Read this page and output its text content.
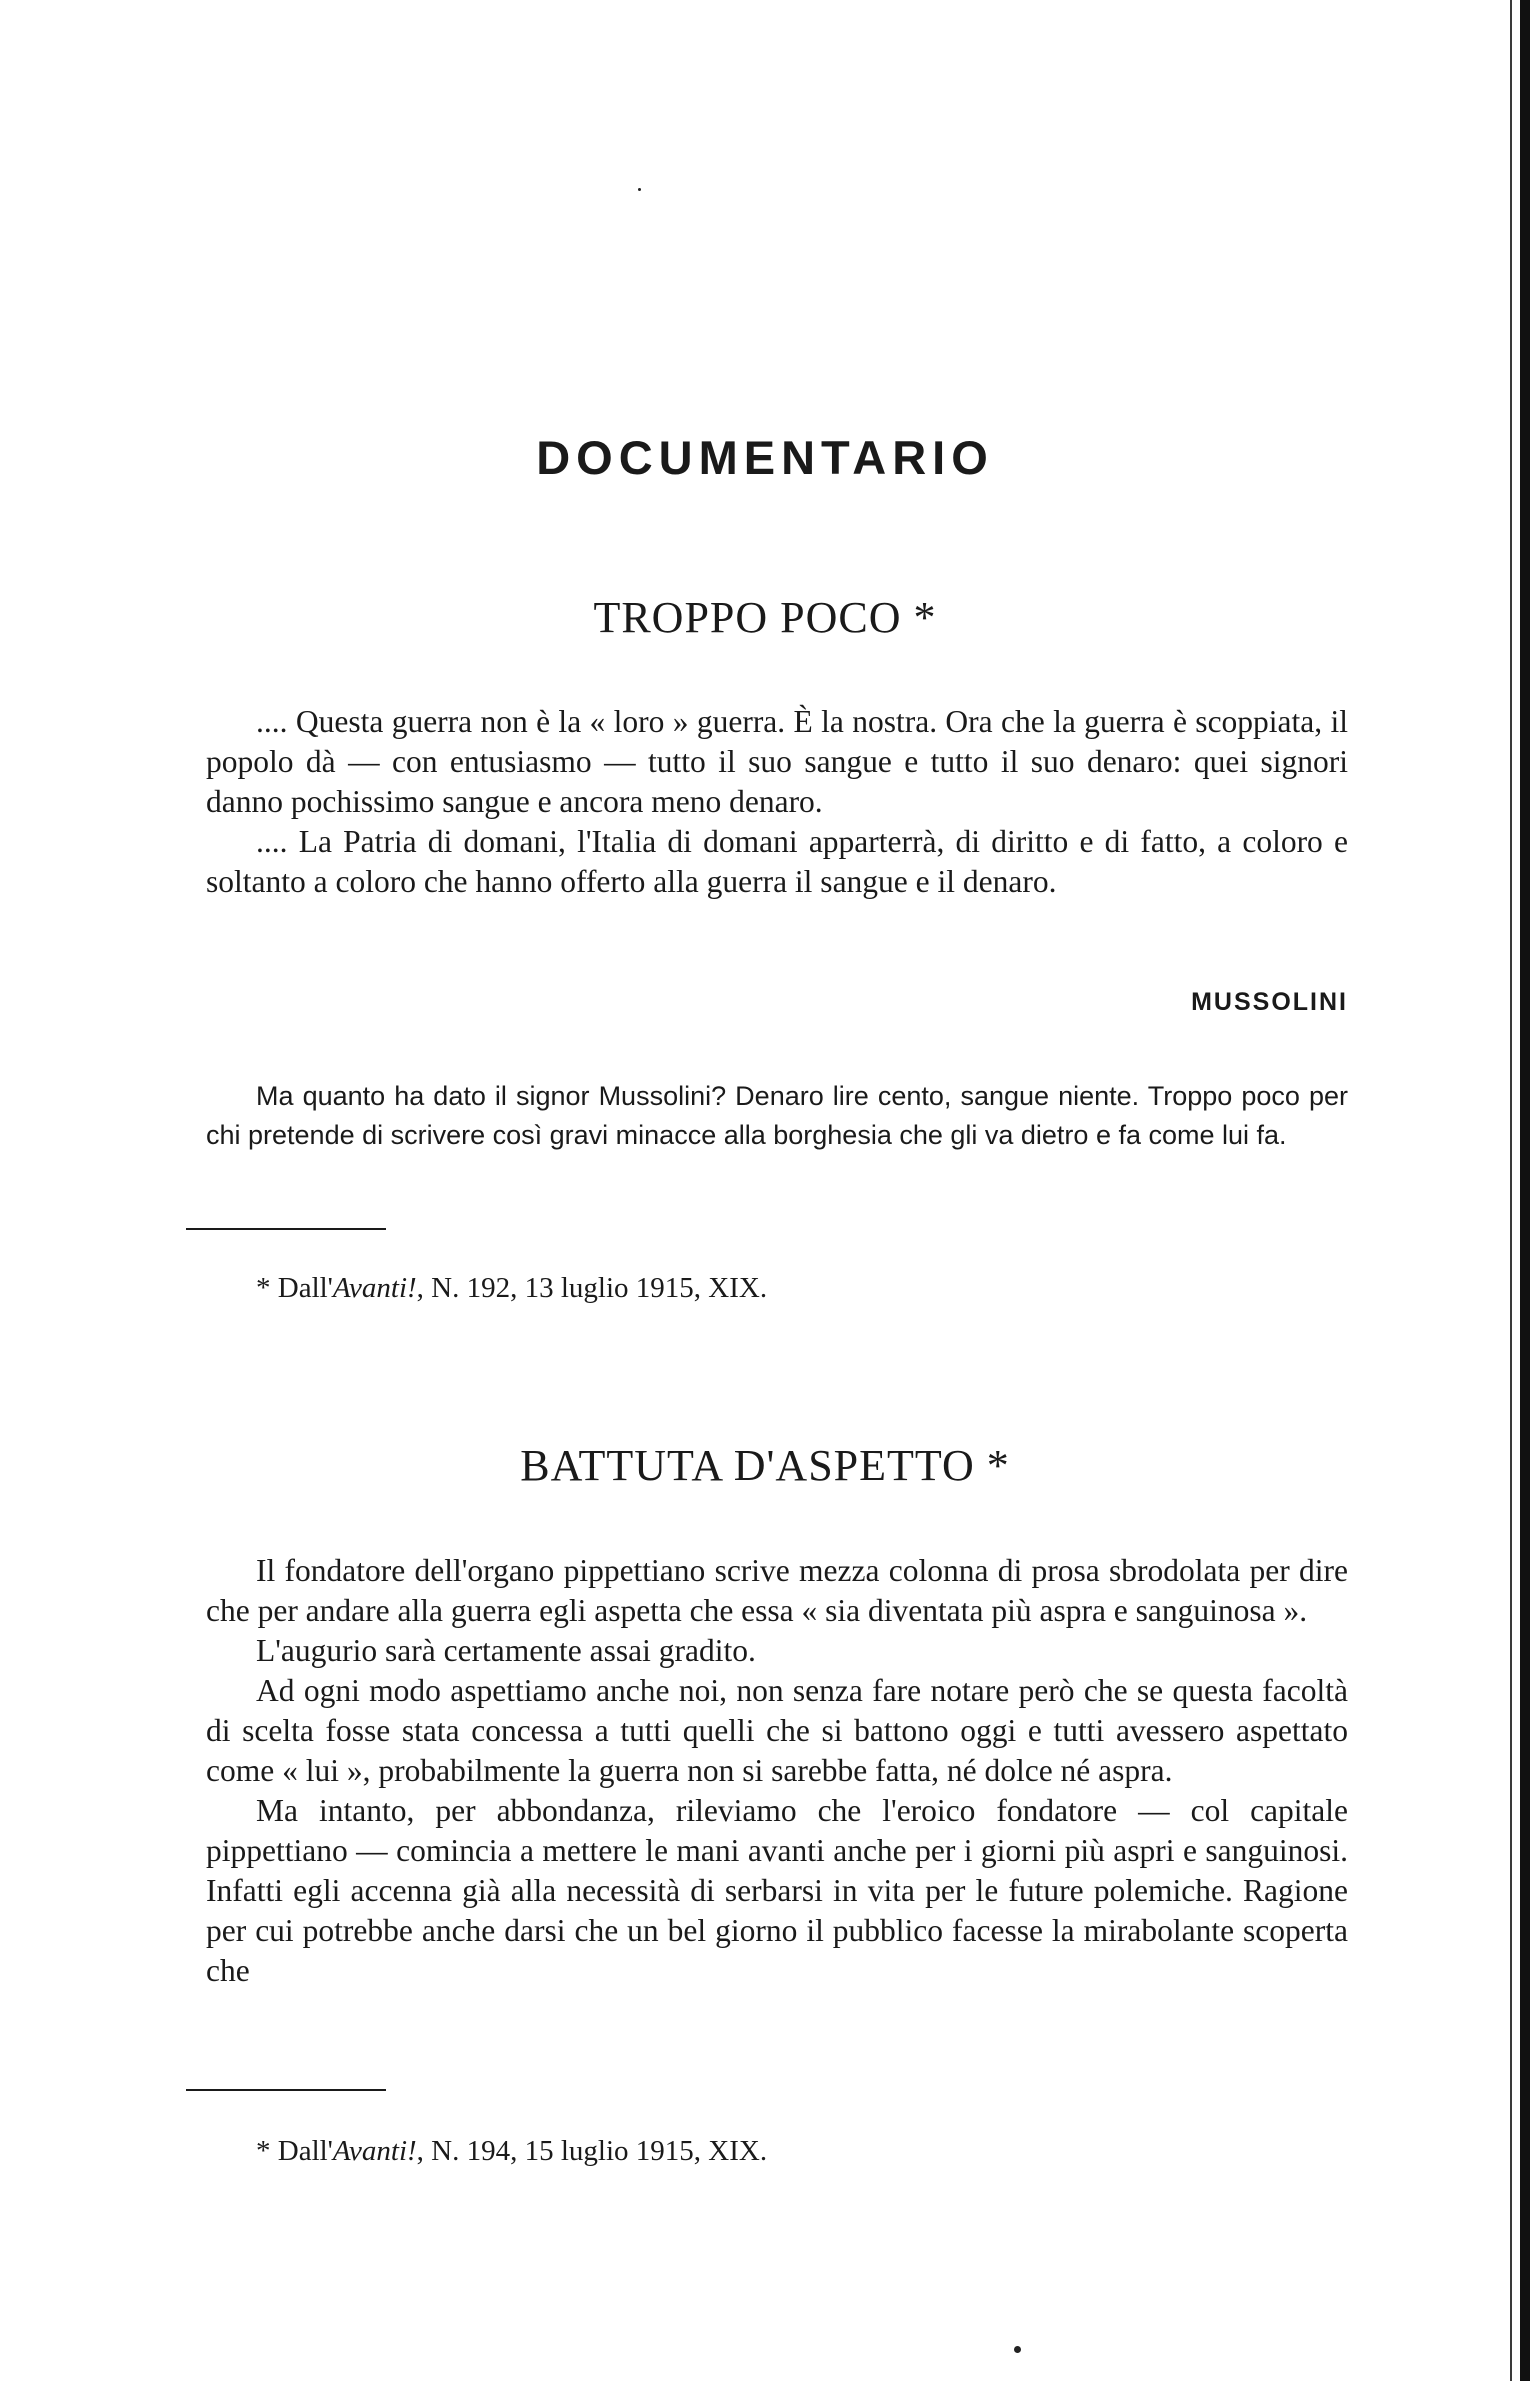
DOCUMENTARIO
TROPPO POCO *

.... Questa guerra non è la « loro » guerra. È la nostra. Ora che la guerra è scoppiata, il popolo dà — con entusiasmo — tutto il suo sangue e tutto il suo denaro: quei signori danno pochissimo sangue e ancora meno denaro.

.... La Patria di domani, l'Italia di domani apparterrà, di diritto e di fatto, a coloro e soltanto a coloro che hanno offerto alla guerra il sangue e il denaro.

MUSSOLINI

Ma quanto ha dato il signor Mussolini? Denaro lire cento, sangue niente. Troppo poco per chi pretende di scrivere così gravi minacce alla borghesia che gli va dietro e fa come lui fa.

* Dall'Avanti!, N. 192, 13 luglio 1915, XIX.
BATTUTA D'ASPETTO *

Il fondatore dell'organo pippettiano scrive mezza colonna di prosa sbrodolata per dire che per andare alla guerra egli aspetta che essa « sia diventata più aspra e sanguinosa ».

L'augurio sarà certamente assai gradito.

Ad ogni modo aspettiamo anche noi, non senza fare notare però che se questa facoltà di scelta fosse stata concessa a tutti quelli che si battono oggi e tutti avessero aspettato come « lui », probabilmente la guerra non si sarebbe fatta, né dolce né aspra.

Ma intanto, per abbondanza, rileviamo che l'eroico fondatore — col capitale pippettiano — comincia a mettere le mani avanti anche per i giorni più aspri e sanguinosi. Infatti egli accenna già alla necessità di serbarsi in vita per le future polemiche. Ragione per cui potrebbe anche darsi che un bel giorno il pubblico facesse la mirabolante scoperta che

* Dall'Avanti!, N. 194, 15 luglio 1915, XIX.
